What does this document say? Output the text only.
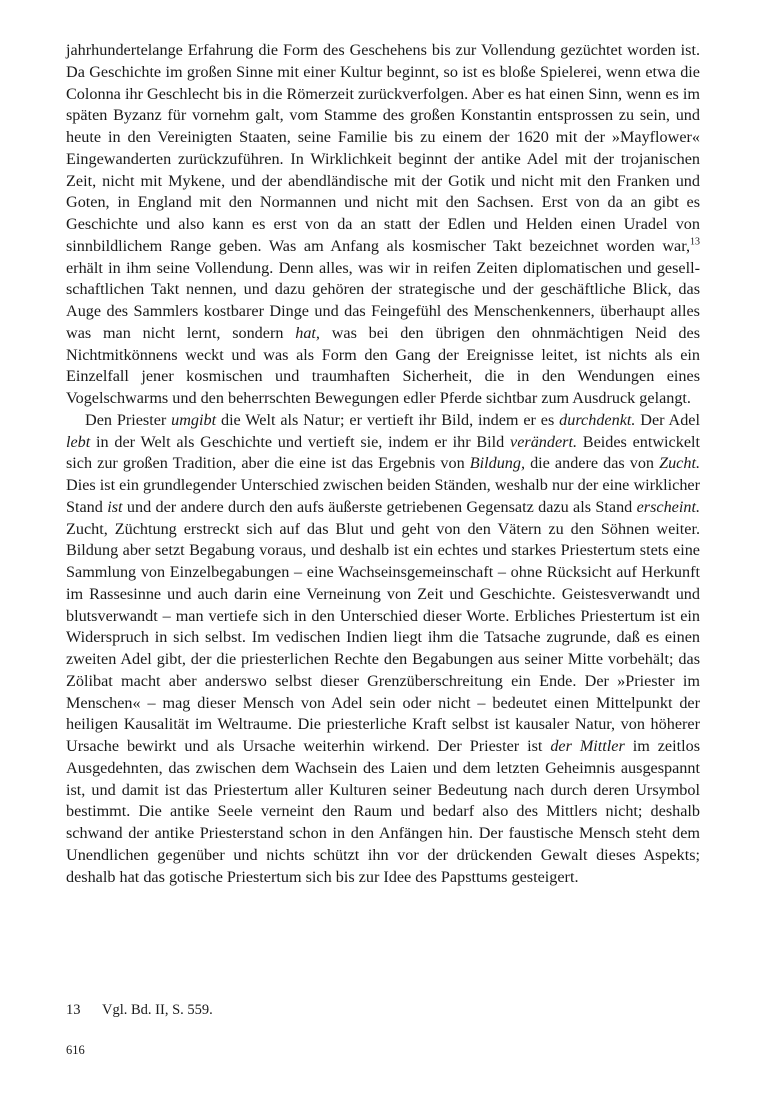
jahrhundertelange Erfahrung die Form des Geschehens bis zur Vollendung gezüchtet worden ist. Da Geschichte im großen Sinne mit einer Kultur beginnt, so ist es bloße Spielerei, wenn etwa die Colonna ihr Geschlecht bis in die Römerzeit zurückverfolgen. Aber es hat einen Sinn, wenn es im späten Byzanz für vornehm galt, vom Stamme des großen Konstantin entsprossen zu sein, und heute in den Vereinigten Staaten, seine Familie bis zu einem der 1620 mit der »Mayflower« Eingewanderten zurückzuführen. In Wirklichkeit beginnt der antike Adel mit der trojanischen Zeit, nicht mit Mykene, und der abendländische mit der Gotik und nicht mit den Franken und Goten, in England mit den Normannen und nicht mit den Sachsen. Erst von da an gibt es Geschichte und also kann es erst von da an statt der Edlen und Helden einen Uradel von sinnbildlichem Range geben. Was am Anfang als kosmischer Takt bezeichnet worden war,$^{13}$ erhält in ihm seine Vollendung. Denn alles, was wir in reifen Zeiten diplomatischen und gesellschaftlichen Takt nennen, und dazu gehören der strategische und der geschäftliche Blick, das Auge des Sammlers kostbarer Dinge und das Feingefühl des Menschenkenners, überhaupt alles was man nicht lernt, sondern hat, was bei den übrigen den ohnmächtigen Neid des Nichtmitkönnens weckt und was als Form den Gang der Ereignisse leitet, ist nichts als ein Einzelfall jener kosmischen und traumhaften Sicherheit, die in den Wendungen eines Vogelschwarms und den beherrschten Bewegungen edler Pferde sichtbar zum Ausdruck gelangt.

Den Priester umgibt die Welt als Natur; er vertieft ihr Bild, indem er es durchdenkt. Der Adel lebt in der Welt als Geschichte und vertieft sie, indem er ihr Bild verändert. Beides entwickelt sich zur großen Tradition, aber die eine ist das Ergebnis von Bildung, die andere das von Zucht. Dies ist ein grundlegender Unterschied zwischen beiden Ständen, weshalb nur der eine wirklicher Stand ist und der andere durch den aufs äußerste getriebenen Gegensatz dazu als Stand erscheint. Zucht, Züchtung erstreckt sich auf das Blut und geht von den Vätern zu den Söhnen weiter. Bildung aber setzt Begabung voraus, und deshalb ist ein echtes und starkes Priestertum stets eine Sammlung von Einzelbegabungen – eine Wachseinsgemeinschaft – ohne Rücksicht auf Herkunft im Rassesinne und auch darin eine Verneinung von Zeit und Geschichte. Geistesverwandt und blutsverwandt – man vertiefe sich in den Unterschied dieser Worte. Erbliches Priestertum ist ein Widerspruch in sich selbst. Im vedischen Indien liegt ihm die Tatsache zugrunde, daß es einen zweiten Adel gibt, der die priesterlichen Rechte den Begabungen aus seiner Mitte vorbehält; das Zölibat macht aber anderswo selbst dieser Grenzüberschreitung ein Ende. Der »Priester im Menschen« – mag dieser Mensch von Adel sein oder nicht – bedeutet einen Mittelpunkt der heiligen Kausalität im Weltraume. Die priesterliche Kraft selbst ist kausaler Natur, von höherer Ursache bewirkt und als Ursache weiterhin wirkend. Der Priester ist der Mittler im zeitlos Ausgedehnten, das zwischen dem Wachsein des Laien und dem letzten Geheimnis ausgespannt ist, und damit ist das Priestertum aller Kulturen seiner Bedeutung nach durch deren Ursymbol bestimmt. Die antike Seele verneint den Raum und bedarf also des Mittlers nicht; deshalb schwand der antike Priesterstand schon in den Anfängen hin. Der faustische Mensch steht dem Unendlichen gegenüber und nichts schützt ihn vor der drückenden Gewalt dieses Aspekts; deshalb hat das gotische Priestertum sich bis zur Idee des Papsttums gesteigert.

13 Vgl. Bd. II, S. 559.
616
